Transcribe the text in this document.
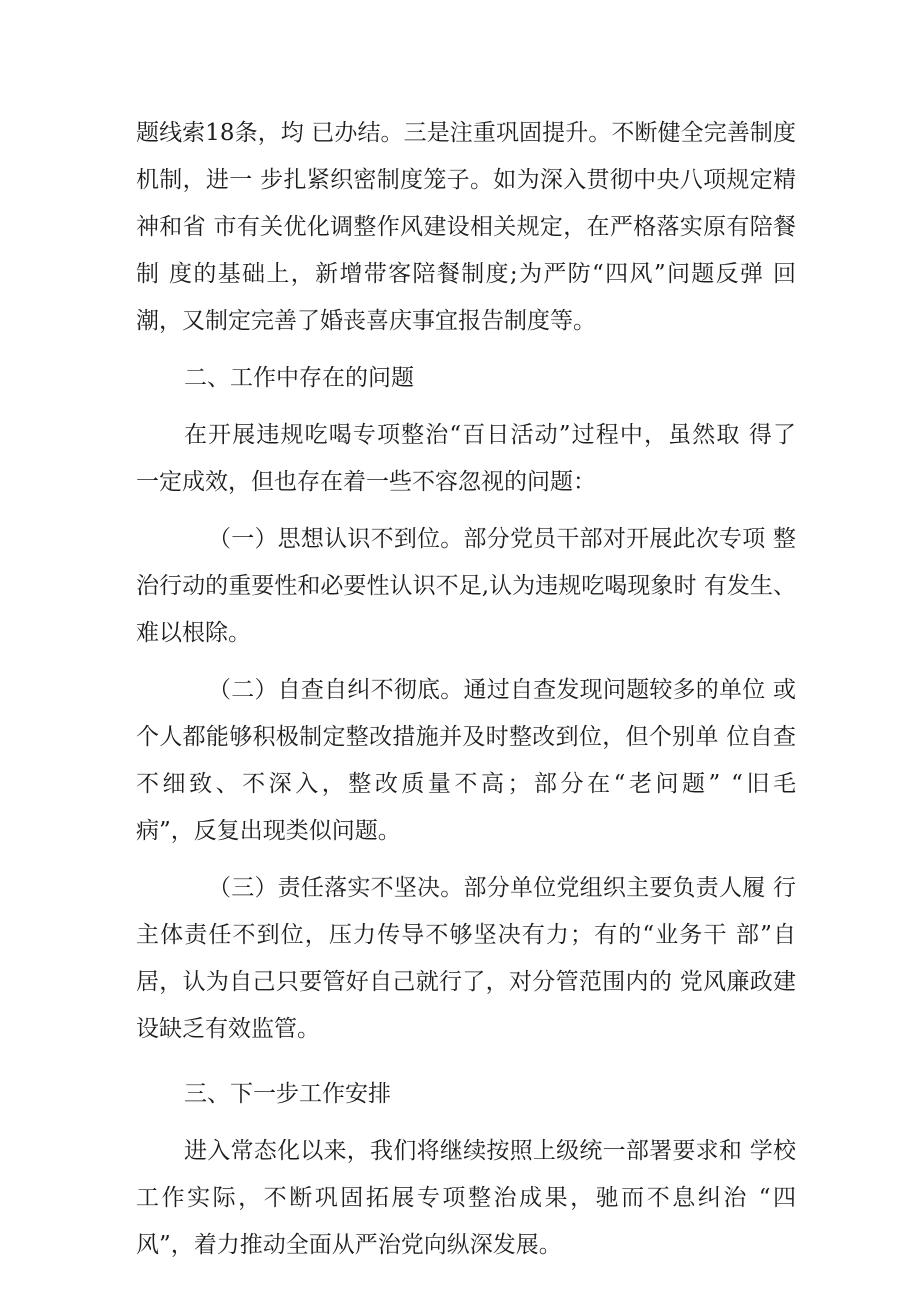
题线索18条，均 已办结。三是注重巩固提升。不断健全完善制度
机制，进一 步扎紧织密制度笼子。如为深入贯彻中央八项规定精
神和省 市有关优化调整作风建设相关规定，在严格落实原有陪餐
制 度的基础上，新增带客陪餐制度;为严防“四风”问题反弹 回
潮，又制定完善了婚丧喜庆事宜报告制度等。
二、工作中存在的问题
在开展违规吃喝专项整治“百日活动”过程中，虽然取 得了
一定成效，但也存在着一些不容忽视的问题：
（一）思想认识不到位。部分党员干部对开展此次专项 整
治行动的重要性和必要性认识不足,认为违规吃喝现象时 有发生、
难以根除。
（二）自查自纠不彻底。通过自查发现问题较多的单位 或
个人都能够积极制定整改措施并及时整改到位，但个别单 位自查
不细致、不深入，整改质量不高；部分在“老问题” “旧毛
病”，反复出现类似问题。
（三）责任落实不坚决。部分单位党组织主要负责人履 行
主体责任不到位，压力传导不够坚决有力；有的“业务干 部”自
居，认为自己只要管好自己就行了，对分管范围内的 党风廉政建
设缺乏有效监管。
三、下一步工作安排
进入常态化以来，我们将继续按照上级统一部署要求和 学校
工作实际，不断巩固拓展专项整治成果，驰而不息纠治 “四
风”，着力推动全面从严治党向纵深发展。
